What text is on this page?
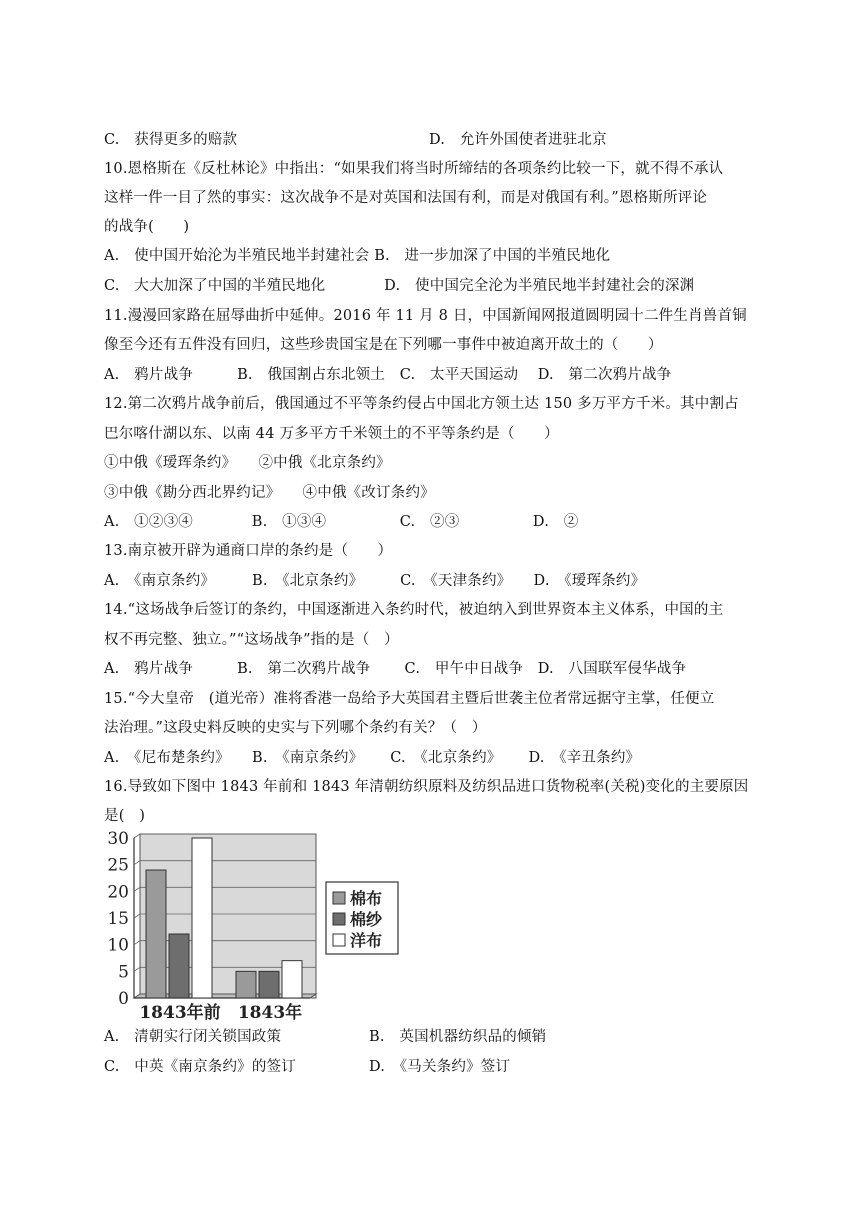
C.　获得更多的赔款	D.　允许外国使者进驻北京
10.恩格斯在《反杜林论》中指出：“如果我们将当时所缔结的各项条约比较一下，就不得不承认
这样一件一目了然的事实：这次战争不是对英国和法国有利，而是对俄国有利。”恩格斯所评论
的战争(　　)
A.　使中国开始沦为半殖民地半封建社会 B.　进一步加深了中国的半殖民地化
C.　大大加深了中国的半殖民地化　　　　D.　使中国完全沦为半殖民地半封建社会的深渊
11.漫漫回家路在屈辱曲折中延伸。2016 年 11 月 8 日，中国新闻网报道圆明园十二件生肖兽首铜
像至今还有五件没有回归，这些珍贵国宝是在下列哪一事件中被迫离开故土的（　　）
A.　鸦片战争　　　B.　俄国割占东北领土　C.　太平天国运动　 D.　第二次鸦片战争
12.第二次鸦片战争前后，俄国通过不平等条约侵占中国北方领土达 150 多万平方千米。其中割占
巴尔喀什湖以东、以南 44 万多平方千米领土的不平等条约是（　　）
①中俄《瑷珲条约》　　②中俄《北京条约》
③中俄《勘分西北界约记》　　④中俄《改订条约》
A.　①②③④　　　　B.　①③④　　　　　C.　②③　　　　　D.　②
13.南京被开辟为通商口岸的条约是（　　）
A.　《南京条约》　　　B.　《北京条约》　　　C.　《天津条约》　　D.　《瑷珲条约》
14.“这场战争后签订的条约，中国逐渐进入条约时代，被迫纳入到世界资本主义体系，中国的主
权不再完整、独立。”“这场战争”指的是（　）
A.　鸦片战争　　　B.　第二次鸦片战争　　 C.　甲午中日战争　D.　八国联军侵华战争
15.“今大皇帝　(道光帝）准将香港一岛给予大英国君主暨后世袭主位者常远据守主掌，任便立
法治理。”这段史料反映的史实与下列哪个条约有关？（　）
A.　《尼布楚条约》　　B.　《南京条约》　　 C.　《北京条约》　　 D.　《辛丑条约》
16.导致如下图中 1843 年前和 1843 年清朝纺织原料及纺织品进口货物税率(关税)变化的主要原因
是(　)
0
5
10
15
20
25
30
1843年前 1843年
棉布
棉纱
洋布
A.　清朝实行闭关锁国政策	B.　英国机器纺织品的倾销
C.　中英《南京条约》的签订	D.　《马关条约》签订
